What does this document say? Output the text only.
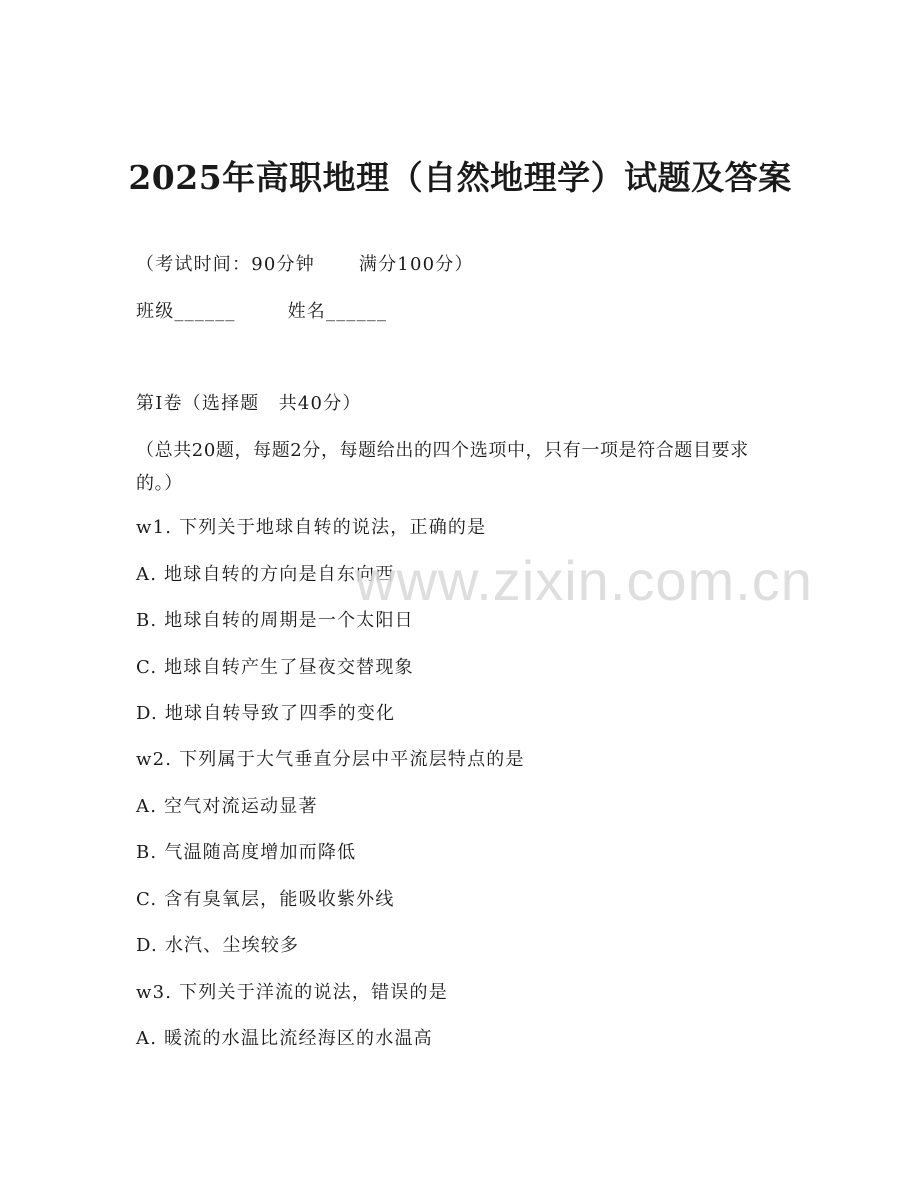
2025年高职地理（自然地理学）试题及答案
（考试时间：90分钟 满分100分）
班级______	姓名______
第I卷（选择题　共40分）
（总共20题，每题2分，每题给出的四个选项中，只有一项是符合题目要求的。）
w1. 下列关于地球自转的说法，正确的是
A. 地球自转的方向是自东向西
B. 地球自转的周期是一个太阳日
C. 地球自转产生了昼夜交替现象
D. 地球自转导致了四季的变化
w2. 下列属于大气垂直分层中平流层特点的是
A. 空气对流运动显著
B. 气温随高度增加而降低
C. 含有臭氧层，能吸收紫外线
D. 水汽、尘埃较多
w3. 下列关于洋流的说法，错误的是
A. 暖流的水温比流经海区的水温高
www.zixin.com.cn
